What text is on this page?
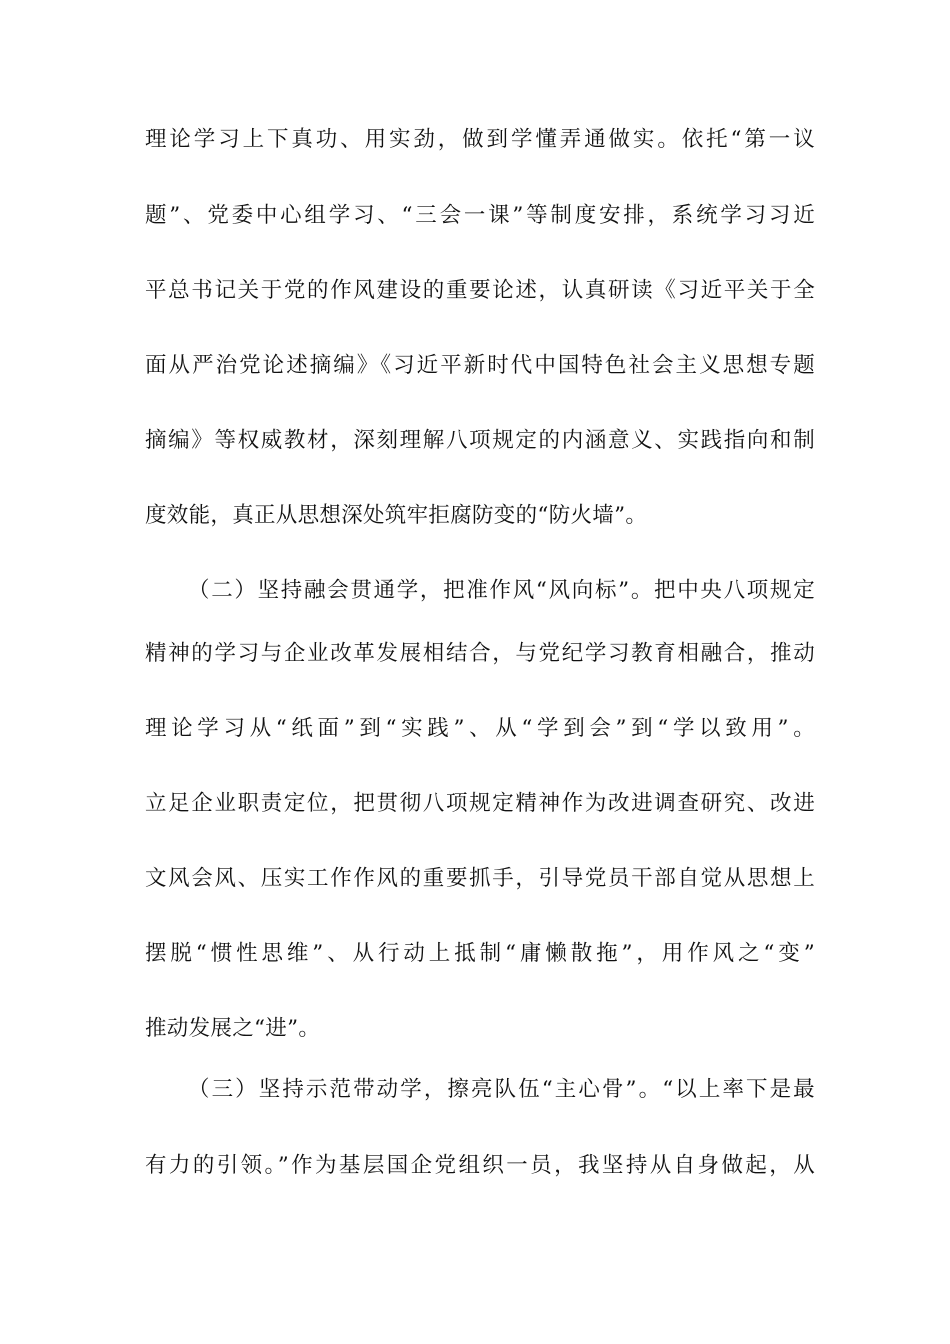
理论学习上下真功、用实劲，做到学懂弄通做实。依托“第一议
题”、党委中心组学习、“三会一课”等制度安排，系统学习习近
平总书记关于党的作风建设的重要论述，认真研读《习近平关于全
面从严治党论述摘编》《习近平新时代中国特色社会主义思想专题
摘编》等权威教材，深刻理解八项规定的内涵意义、实践指向和制
度效能，真正从思想深处筑牢拒腐防变的“防火墙”。
（二）坚持融会贯通学，把准作风“风向标”。把中央八项规定
精神的学习与企业改革发展相结合，与党纪学习教育相融合，推动
理论学习从“纸面”到“实践”、从“学到会”到“学以致用”。
立足企业职责定位，把贯彻八项规定精神作为改进调查研究、改进
文风会风、压实工作作风的重要抓手，引导党员干部自觉从思想上
摆脱“惯性思维”、从行动上抵制“庸懒散拖”，用作风之“变”
推动发展之“进”。
（三）坚持示范带动学，擦亮队伍“主心骨”。“以上率下是最
有力的引领。”作为基层国企党组织一员，我坚持从自身做起，从
